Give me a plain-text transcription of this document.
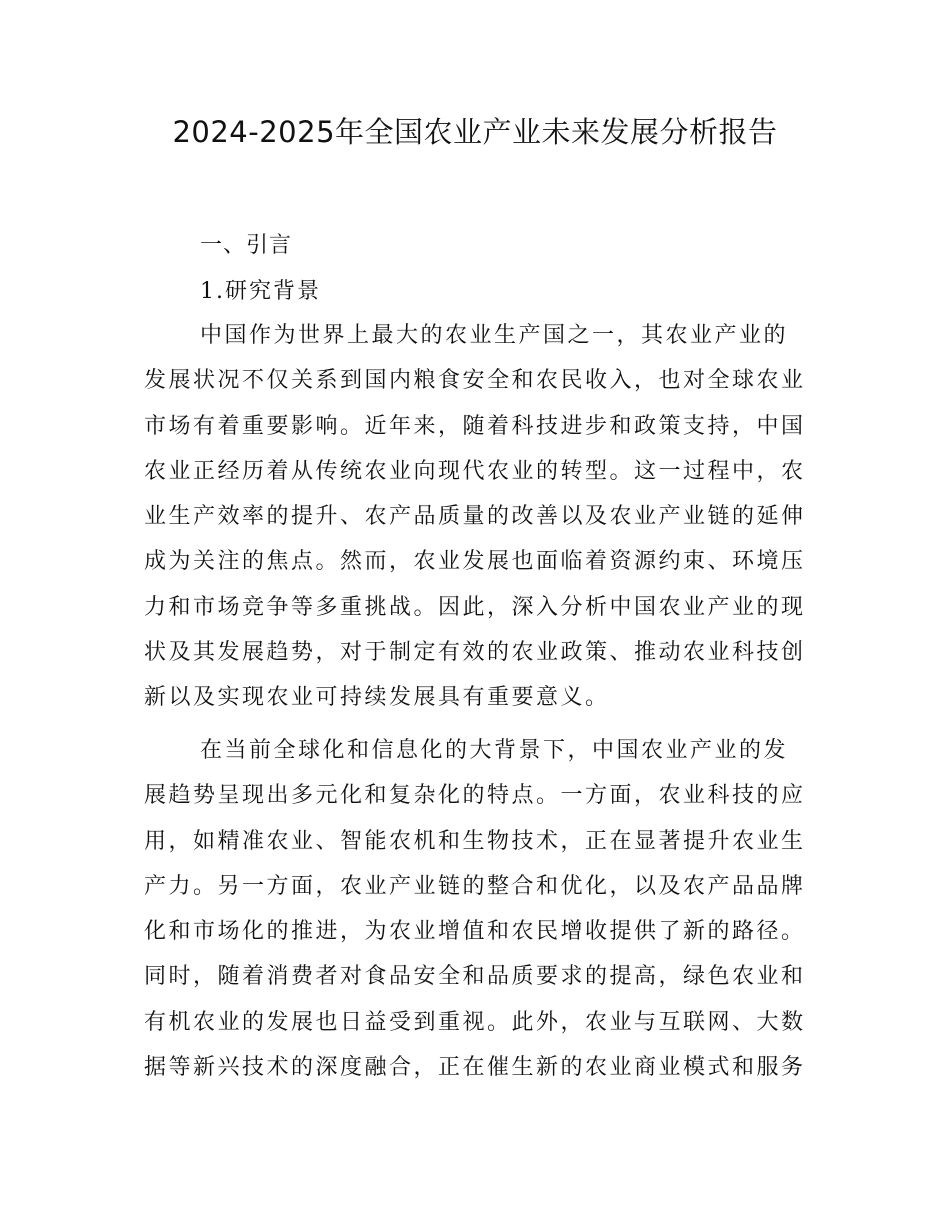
2024-2025年全国农业产业未来发展分析报告
一、引言
1.研究背景
中国作为世界上最大的农业生产国之一，其农业产业的
发展状况不仅关系到国内粮食安全和农民收入，也对全球农业
市场有着重要影响。近年来，随着科技进步和政策支持，中国
农业正经历着从传统农业向现代农业的转型。这一过程中，农
业生产效率的提升、农产品质量的改善以及农业产业链的延伸
成为关注的焦点。然而，农业发展也面临着资源约束、环境压
力和市场竞争等多重挑战。因此，深入分析中国农业产业的现
状及其发展趋势，对于制定有效的农业政策、推动农业科技创
新以及实现农业可持续发展具有重要意义。
在当前全球化和信息化的大背景下，中国农业产业的发
展趋势呈现出多元化和复杂化的特点。一方面，农业科技的应
用，如精准农业、智能农机和生物技术，正在显著提升农业生
产力。另一方面，农业产业链的整合和优化，以及农产品品牌
化和市场化的推进，为农业增值和农民增收提供了新的路径。
同时，随着消费者对食品安全和品质要求的提高，绿色农业和
有机农业的发展也日益受到重视。此外，农业与互联网、大数
据等新兴技术的深度融合，正在催生新的农业商业模式和服务
